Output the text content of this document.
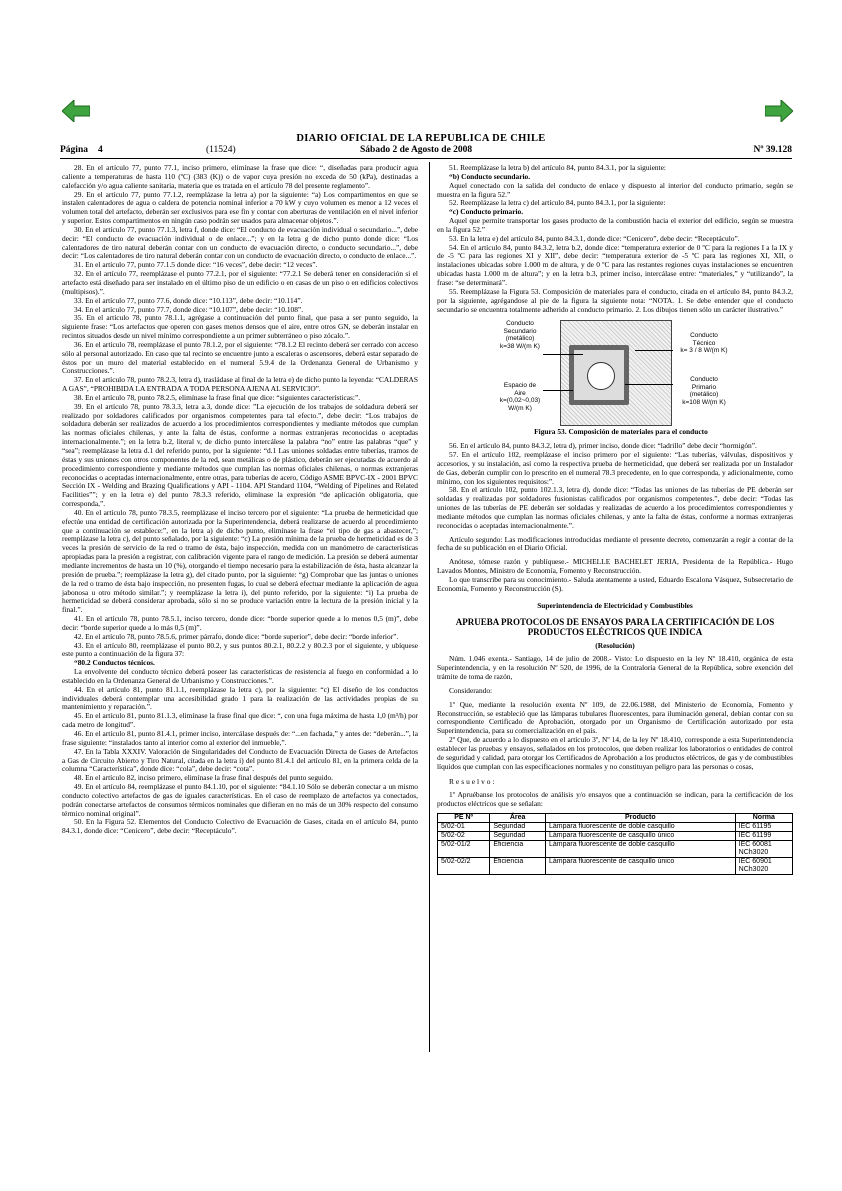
DIARIO OFICIAL DE LA REPUBLICA DE CHILE
Página 4	(11524)	Sábado 2 de Agosto de 2008	Nº 39.128

28. En el artículo 77, punto 77.1, inciso primero, elimínase la frase que dice: “, diseñadas para producir agua caliente a temperaturas de hasta 110 (ºC) (383 (K)) o de vapor cuya presión no exceda de 50 (kPa), destinadas a calefacción y/o agua caliente sanitaria, materia que es tratada en el artículo 78 del presente reglamento”.

29. En el artículo 77, punto 77.1.2, reemplázase la letra a) por la siguiente: “a) Los compartimentos en que se instalen calentadores de agua o caldera de potencia nominal inferior a 70 kW y cuyo volumen es menor a 12 veces el volumen total del artefacto, deberán ser exclusivos para ese fin y contar con aberturas de ventilación en el nivel inferior y superior. Estos compartimentos en ningún caso podrán ser usados para almacenar objetos.”.

30. En el artículo 77, punto 77.1.3, letra f, donde dice: “El conducto de evacuación individual o secundario...”, debe decir: “El conducto de evacuación individual o de enlace...”; y en la letra g de dicho punto donde dice: “Los calentadores de tiro natural deberán contar con un conducto de evacuación directo, o conducto secundario...”, debe decir: “Los calentadores de tiro natural deberán contar con un conducto de evacuación directo, o conducto de enlace...”.

31. En el artículo 77, punto 77.1.5 donde dice: “16 veces”, debe decir: “12 veces”.

32. En el artículo 77, reemplázase el punto 77.2.1, por el siguiente: “77.2.1 Se deberá tener en consideración si el artefacto está diseñado para ser instalado en el último piso de un edificio o en casas de un piso o en edificios colectivos (multipisos).”.

33. En el artículo 77, punto 77.6, donde dice: “10.113”, debe decir: “10.114”.

34. En el artículo 77, punto 77.7, donde dice: “10.107”, debe decir: “10.108”.

35. En el artículo 78, punto 78.1.1, agrégase a continuación del punto final, que pasa a ser punto seguido, la siguiente frase: “Los artefactos que operen con gases menos densos que el aire, entre otros GN, se deberán instalar en recintos situados desde un nivel mínimo correspondiente a un primer subterráneo o piso zócalo.”.

36. En el artículo 78, reemplázase el punto 78.1.2, por el siguiente: “78.1.2 El recinto deberá ser cerrado con acceso sólo al personal autorizado. En caso que tal recinto se encuentre junto a escaleras o ascensores, deberá estar separado de éstos por un muro del material establecido en el numeral 5.9.4 de la Ordenanza General de Urbanismo y Construcciones.”.

37. En el artículo 78, punto 78.2.3, letra d), trasládase al final de la letra e) de dicho punto la leyenda: “CALDERAS A GAS”, “PROHIBIDA LA ENTRADA A TODA PERSONA AJENA AL SERVICIO”.

38. En el artículo 78, punto 78.2.5, elimínase la frase final que dice: “siguientes características:”.

39. En el artículo 78, punto 78.3.3, letra a.3, donde dice: ”La ejecución de los trabajos de soldadura deberá ser realizado por soldadores calificados por organismos competentes para tal efecto.”, debe decir: “Los trabajos de soldadura deberán ser realizados de acuerdo a los procedimientos correspondientes y mediante métodos que cumplan las normas oficiales chilenas, y ante la falta de éstas, conforme a normas extranjeras reconocidas o aceptadas internacionalmente.”; en la letra b.2, literal v, de dicho punto intercálese la palabra “no” entre las palabras “que” y “sea”; reemplázase la letra d.1 del referido punto, por la siguiente: “d.1 Las uniones soldadas entre tuberías, tramos de éstas y sus uniones con otros componentes de la red, sean metálicas o de plástico, deberán ser ejecutadas de acuerdo al procedimiento correspondiente y mediante métodos que cumplan las normas oficiales chilenas, o normas extranjeras reconocidas o aceptadas internacionalmente, entre otras, para tuberías de acero, Código ASME BPVC-IX - 2001 BPVC Sección IX - Welding and Brazing Qualifications y API - 1104. API Standard 1104, “Welding of Pipelines and Related Facilities””; y en la letra e) del punto 78.3.3 referido, elimínase la expresión “de aplicación obligatoria, que corresponda,”.

40. En el artículo 78, punto 78.3.5, reemplázase el inciso tercero por el siguiente: “La prueba de hermeticidad que efectúe una entidad de certificación autorizada por la Superintendencia, deberá realizarse de acuerdo al procedimiento que a continuación se establece:”, en la letra a) de dicho punto, elimínase la frase “el tipo de gas a abastecer,”; reemplázase la letra c), del punto señalado, por la siguiente: “c) La presión mínima de la prueba de hermeticidad es de 3 veces la presión de servicio de la red o tramo de ésta, bajo inspección, medida con un manómetro de características apropiadas para la presión a registrar, con calibración vigente para el rango de medición. La presión se deberá aumentar mediante incrementos de hasta un 10 (%), otorgando el tiempo necesario para la estabilización de ésta, hasta alcanzar la presión de prueba.”; reemplázase la letra g), del citado punto, por la siguiente: “g) Comprobar que las juntas o uniones de la red o tramo de ésta bajo inspección, no presenten fugas, lo cual se deberá efectuar mediante la aplicación de agua jabonosa u otro método similar.”; y reemplázase la letra i), del punto referido, por la siguiente: “i) La prueba de hermeticidad se deberá considerar aprobada, sólo si no se produce variación entre la lectura de la presión inicial y la final.”.

41. En el artículo 78, punto 78.5.1, inciso tercero, donde dice: “borde superior quede a lo menos 0,5 (m)”, debe decir: “borde superior quede a lo más 0,5 (m)”.

42. En el artículo 78, punto 78.5.6, primer párrafo, donde dice: “borde superior”, debe decir: “borde inferior”.

43. En el artículo 80, reemplázase el punto 80.2, y sus puntos 80.2.1, 80.2.2 y 80.2.3 por el siguiente, y ubíquese este punto a continuación de la figura 37:

“80.2 Conductos técnicos.

La envolvente del conducto técnico deberá poseer las características de resistencia al fuego en conformidad a lo establecido en la Ordenanza General de Urbanismo y Construcciones.”.

44. En el artículo 81, punto 81.1.1, reemplázase la letra c), por la siguiente: “c) El diseño de los conductos individuales deberá contemplar una accesibilidad grado 1 para la realización de las actividades propias de su mantenimiento y reparación.”.

45. En el artículo 81, punto 81.1.3, elimínase la frase final que dice: “, con una fuga máxima de hasta 1,0 (m³/h) por cada metro de longitud”.

46. En el artículo 81, punto 81.4.1, primer inciso, intercálase después de: “...en fachada,” y antes de: “deberán...”, la frase siguiente: “instalados tanto al interior como al exterior del inmueble,”.

47. En la Tabla XXXIV. Valoración de Singularidades del Conducto de Evacuación Directa de Gases de Artefactos a Gas de Circuito Abierto y Tiro Natural, citada en la letra i) del punto 81.4.1 del artículo 81, en la primera celda de la columna “Característica”, donde dice: “cola”, debe decir: “cota”.

48. En el artículo 82, inciso primero, elimínase la frase final después del punto seguido.

49. En el artículo 84, reemplázase el punto 84.1.10, por el siguiente: “84.1.10 Sólo se deberán conectar a un mismo conducto colectivo artefactos de gas de iguales características. En el caso de reemplazo de artefactos ya conectados, podrán conectarse artefactos de consumos térmicos nominales que difieran en no más de un 30% respecto del consumo térmico nominal original”.

50. En la Figura 52. Elementos del Conducto Colectivo de Evacuación de Gases, citada en el artículo 84, punto 84.3.1, donde dice: “Cenicero”, debe decir: “Receptáculo”.

51. Reemplázase la letra b) del artículo 84, punto 84.3.1, por la siguiente:

“b) Conducto secundario.

Aquel conectado con la salida del conducto de enlace y dispuesto al interior del conducto primario, según se muestra en la figura 52.”

52. Reemplázase la letra c) del artículo 84, punto 84.3.1, por la siguiente:

“c) Conducto primario.

Aquel que permite transportar los gases producto de la combustión hacia el exterior del edificio, según se muestra en la figura 52.”

53. En la letra e) del artículo 84, punto 84.3.1, donde dice: “Cenicero”, debe decir: “Receptáculo”.

54. En el artículo 84, punto 84.3.2, letra b.2, donde dice: “temperatura exterior de 0 ºC para la regiones I a la IX y de -5 ºC para las regiones XI y XII”, debe decir: “temperatura exterior de -5 ºC para las regiones XI, XII, o instalaciones ubicadas sobre 1.000 m de altura, y de 0 ºC para las restantes regiones cuyas instalaciones se encuentren ubicadas hasta 1.000 m de altura”; y en la letra b.3, primer inciso, intercálase entre: “materiales,” y “utilizando”, la frase: “se determinará”.

55. Reemplázase la Figura 53. Composición de materiales para el conducto, citada en el artículo 84, punto 84.3.2, por la siguiente, agrégandose al pie de la figura la siguiente nota: “NOTA. 1. Se debe entender que el conducto secundario se encuentra totalmente adherido al conducto primario. 2. Los dibujos tienen sólo un carácter ilustrativo.”

Conducto
Secundario
(metálico)
k=38 W/(m K)
Espacio de
Aire
k=(0,02~0,03)
W/(m K)
Conducto
Técnico
k= 3 / 8 W/(m K)
Conducto
Primario
(metálico)
k=108 W/(m K)

Figura 53. Composición de materiales para el conducto

56. En el artículo 84, punto 84.3.2, letra d), primer inciso, donde dice: “ladrillo” debe decir “hormigón”.

57. En el artículo 102, reemplázase el inciso primero por el siguiente: “Las tuberías, válvulas, dispositivos y accesorios, y su instalación, así como la respectiva prueba de hermeticidad, que deberá ser realizada por un Instalador de Gas, deberán cumplir con lo prescrito en el numeral 78.3 precedente, en lo que corresponda, y adicionalmente, como mínimo, con los siguientes requisitos:”.

58. En el artículo 102, punto 102.1.3, letra d), donde dice: “Todas las uniones de las tuberías de PE deberán ser soldadas y realizadas por soldadores fusionistas calificados por organismos competentes.”, debe decir: “Todas las uniones de las tuberías de PE deberán ser soldadas y realizadas de acuerdo a los procedimientos correspondientes y mediante métodos que cumplan las normas oficiales chilenas, y ante la falta de éstas, conforme a normas extranjeras reconocidas o aceptadas internacionalmente.”.

Artículo segundo: Las modificaciones introducidas mediante el presente decreto, comenzarán a regir a contar de la fecha de su publicación en el Diario Oficial.

Anótese, tómese razón y publíquese.- MICHELLE BACHELET JERIA, Presidenta de la República.- Hugo Lavados Montes, Ministro de Economía, Fomento y Reconstrucción.

Lo que transcribe para su conocimiento.- Saluda atentamente a usted, Eduardo Escalona Vásquez, Subsecretario de Economía, Fomento y Reconstrucción (S).

Superintendencia de Electricidad y Combustibles

APRUEBA PROTOCOLOS DE ENSAYOS PARA LA CERTIFICACIÓN DE LOS PRODUCTOS ELÉCTRICOS QUE INDICA

(Resolución)

Núm. 1.046 exenta.- Santiago, 14 de julio de 2008.- Visto: Lo dispuesto en la ley Nº 18.410, orgánica de esta Superintendencia, y en la resolución Nº 520, de 1996, de la Contraloría General de la República, sobre exención del trámite de toma de razón,

Considerando:

1º Que, mediante la resolución exenta Nº 109, de 22.06.1988, del Ministerio de Economía, Fomento y Reconstrucción, se estableció que las lámparas tubulares fluorescentes, para iluminación general, debían contar con su correspondiente Certificado de Aprobación, otorgado por un Organismo de Certificación autorizado por esta Superintendencia, para su comercialización en el país.

2º Que, de acuerdo a lo dispuesto en el artículo 3º, Nº 14, de la ley Nº 18.410, corresponde a esta Superintendencia establecer las pruebas y ensayos, señalados en los protocolos, que deben realizar los laboratorios o entidades de control de seguridad y calidad, para otorgar los Certificados de Aprobación a los productos eléctricos, de gas y de combustibles líquidos que cumplan con las especificaciones normales y no constituyan peligro para las personas o cosas,

Resuelvo:

1º Apruébanse los protocolos de análisis y/o ensayos que a continuación se indican, para la certificación de los productos eléctricos que se señalan:

PE Nº	Área	Producto	Norma
5/02-01	Seguridad	Lámpara fluorescente de doble casquillo	IEC 61195
5/02-02	Seguridad	Lámpara fluorescente de casquillo único	IEC 61199
5/02-01/2	Eficiencia	Lámpara fluorescente de doble casquillo	IEC 60081
NCh3020
5/02-02/2	Eficiencia	Lámpara fluorescente de casquillo único	IEC 60901
NCh3020
